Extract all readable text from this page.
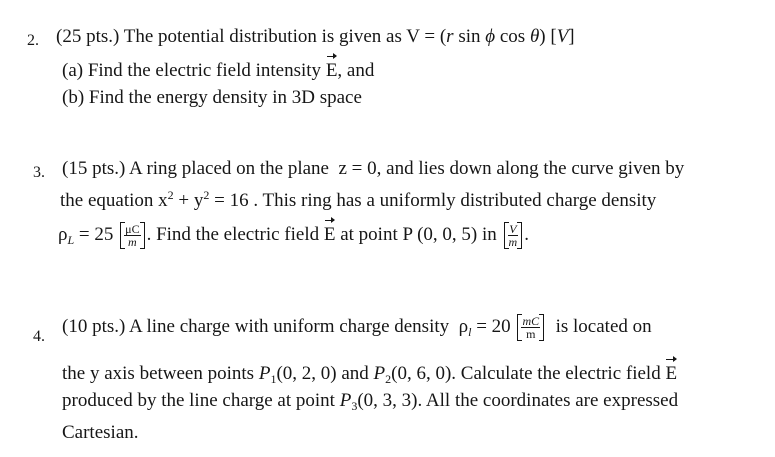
2. (25 pts.) The potential distribution is given as V = (r sin ϕ cos θ) [V]
(a) Find the electric field intensity E, and
(b) Find the energy density in 3D space
3. (15 pts.) A ring placed on the plane  z = 0, and lies down along the curve given by
the equation $x^2 + y^2 = 16$ . This ring has a uniformly distributed charge density
$\rho_L = 25 \frac{\mu C}{m}$ . Find the electric field E at point P (0, 0, 5) in $\frac{V}{m}$ .
4. (10 pts.) A line charge with uniform charge density  $\rho_l = 20 \frac{mC}{m}$ is located on
the y axis between points $P_1(0$, 2, 0) and $P_2(0$, 6, 0). Calculate the electric field E
produced by the line charge at point $P_3(0$, 3, 3). All the coordinates are expressed
Cartesian.
